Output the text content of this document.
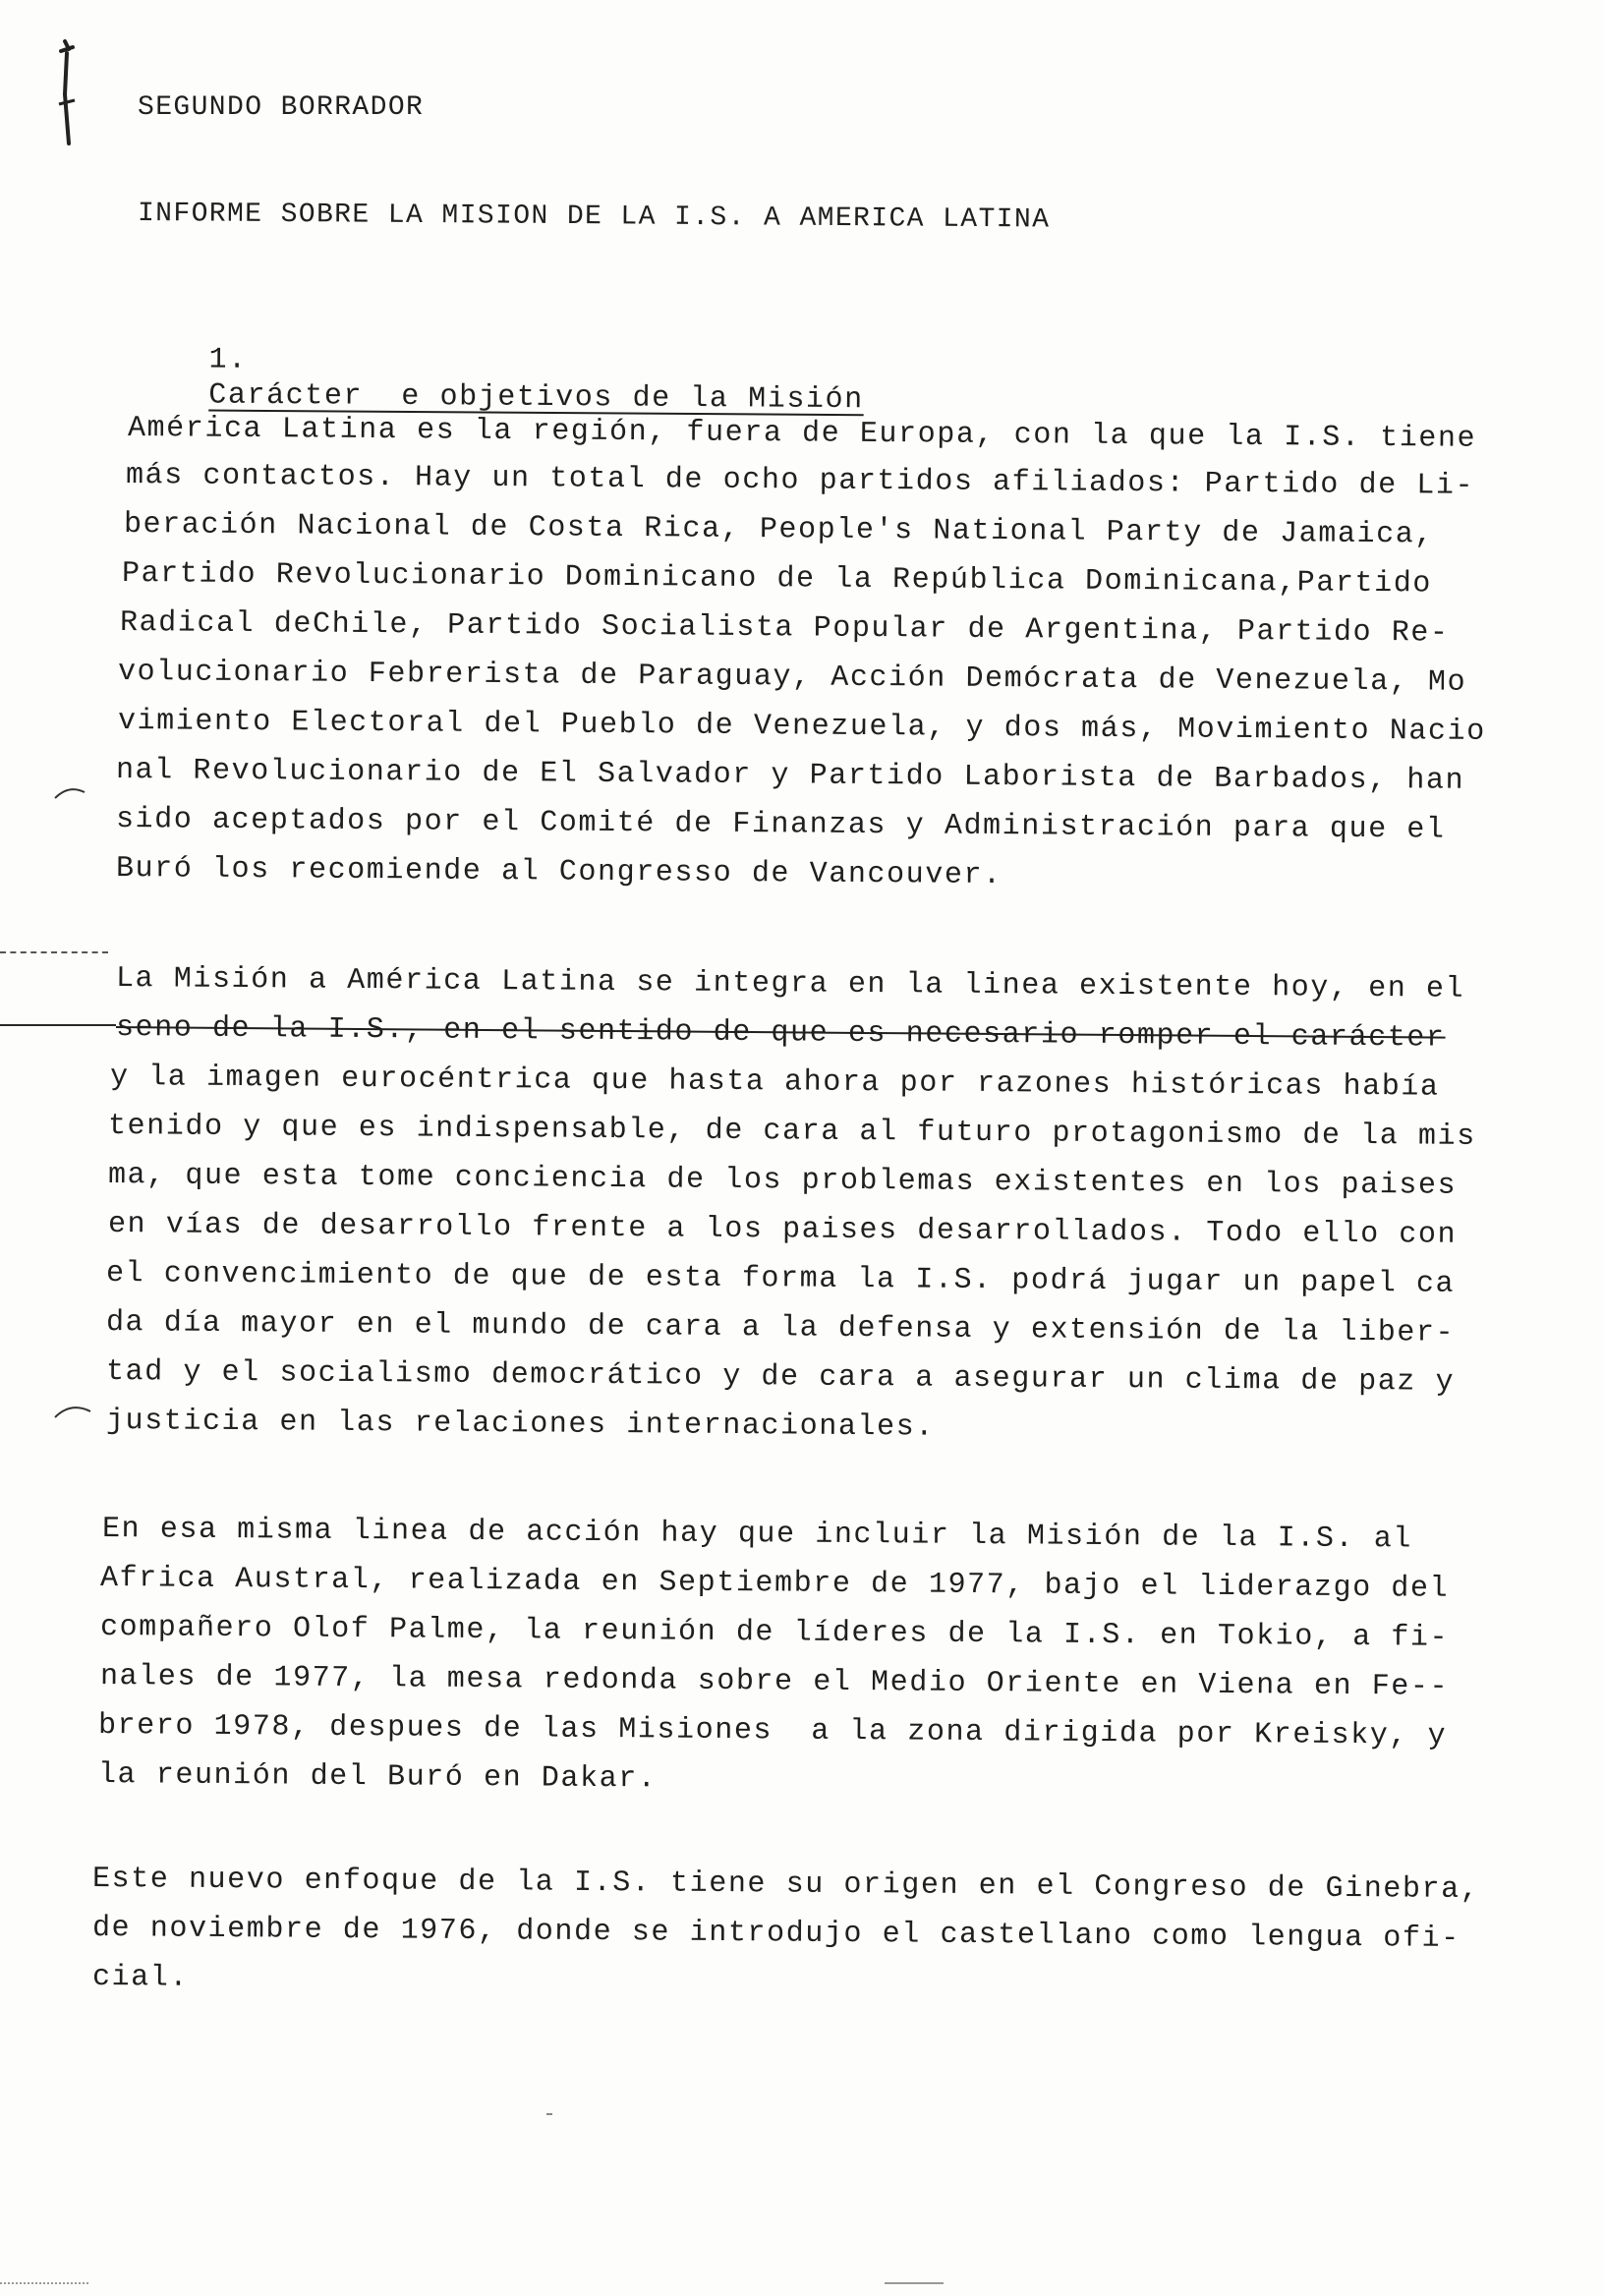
SEGUNDO BORRADOR
INFORME SOBRE LA MISION DE LA I.S. A AMERICA LATINA

1.
Carácter  e objetivos de la Misión

América Latina es la región, fuera de Europa, con la que la I.S. tiene
más contactos. Hay un total de ocho partidos afiliados: Partido de Li-
beración Nacional de Costa Rica, People's National Party de Jamaica,
Partido Revolucionario Dominicano de la República Dominicana,Partido
Radical deChile, Partido Socialista Popular de Argentina, Partido Re-
volucionario Febrerista de Paraguay, Acción Demócrata de Venezuela, Mo
vimiento Electoral del Pueblo de Venezuela, y dos más, Movimiento Nacio
nal Revolucionario de El Salvador y Partido Laborista de Barbados, han
sido aceptados por el Comité de Finanzas y Administración para que el
Buró los recomiende al Congresso de Vancouver.
La Misión a América Latina se integra en la linea existente hoy, en el
seno de la I.S., en el sentido de que es necesario romper el carácter
y la imagen eurocéntrica que hasta ahora por razones históricas había
tenido y que es indispensable, de cara al futuro protagonismo de la mis
ma, que esta tome conciencia de los problemas existentes en los paises
en vías de desarrollo frente a los paises desarrollados. Todo ello con
el convencimiento de que de esta forma la I.S. podrá jugar un papel ca
da día mayor en el mundo de cara a la defensa y extensión de la liber-
tad y el socialismo democrático y de cara a asegurar un clima de paz y
justicia en las relaciones internacionales.
En esa misma linea de acción hay que incluir la Misión de la I.S. al
Africa Austral, realizada en Septiembre de 1977, bajo el liderazgo del
compañero Olof Palme, la reunión de líderes de la I.S. en Tokio, a fi-
nales de 1977, la mesa redonda sobre el Medio Oriente en Viena en Fe--
brero 1978, despues de las Misiones  a la zona dirigida por Kreisky, y
la reunión del Buró en Dakar.
Este nuevo enfoque de la I.S. tiene su origen en el Congreso de Ginebra,
de noviembre de 1976, donde se introdujo el castellano como lengua ofi-
cial.
